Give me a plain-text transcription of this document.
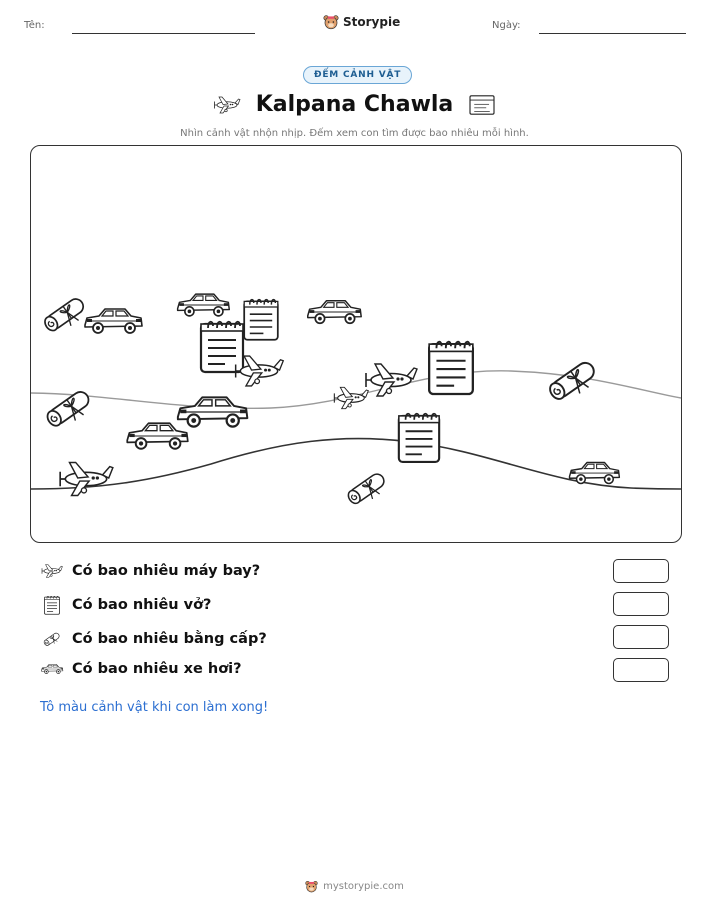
Tên:	Storypie	Ngày:
ĐẾM CẢNH VẬT
Kalpana Chawla
Nhìn cảnh vật nhộn nhịp. Đếm xem con tìm được bao nhiêu mỗi hình.
Có bao nhiêu máy bay?
Có bao nhiêu vở?
Có bao nhiêu bằng cấp?
Có bao nhiêu xe hơi?
Tô màu cảnh vật khi con làm xong!
mystorypie.com
